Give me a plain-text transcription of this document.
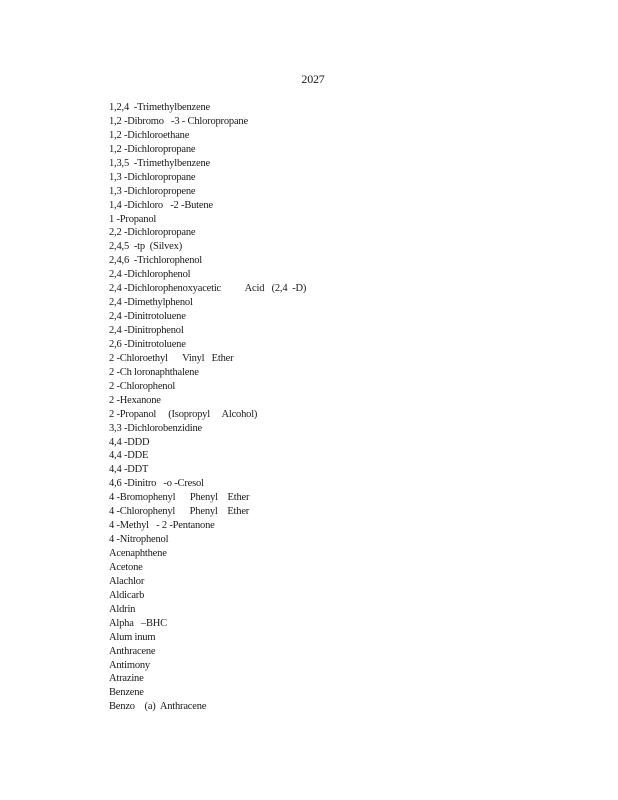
2027
1,2,4  -Trimethylbenzene
1,2 -Dibromo   -3 - Chloropropane
1,2 -Dichloroethane
1,2 -Dichloropropane
1,3,5  -Trimethylbenzene
1,3 -Dichloropropane
1,3 -Dichloropropene
1,4 -Dichloro   -2 -Butene
1 -Propanol
2,2 -Dichloropropane
2,4,5  -tp  (Silvex)
2,4,6  -Trichlorophenol
2,4 -Dichlorophenol
2,4 -Dichlorophenoxyacetic          Acid   (2,4  -D)
2,4 -Dimethylphenol
2,4 -Dinitrotoluene
2,4 -Dinitrophenol
2,6 -Dinitrotoluene
2 -Chloroethyl      Vinyl   Ether
2 -Ch loronaphthalene
2 -Chlorophenol
2 -Hexanone
2 -Propanol     (Isopropyl     Alcohol)
3,3 -Dichlorobenzidine
4,4 -DDD
4,4 -DDE
4,4 -DDT
4,6 -Dinitro   -o -Cresol
4 -Bromophenyl      Phenyl    Ether
4 -Chlorophenyl      Phenyl    Ether
4 -Methyl   - 2 -Pentanone
4 -Nitrophenol
Acenaphthene
Acetone
Alachlor
Aldicarb
Aldrin
Alpha   –BHC
Alum inum
Anthracene
Antimony
Atrazine
Benzene
Benzo    (a)  Anthracene
